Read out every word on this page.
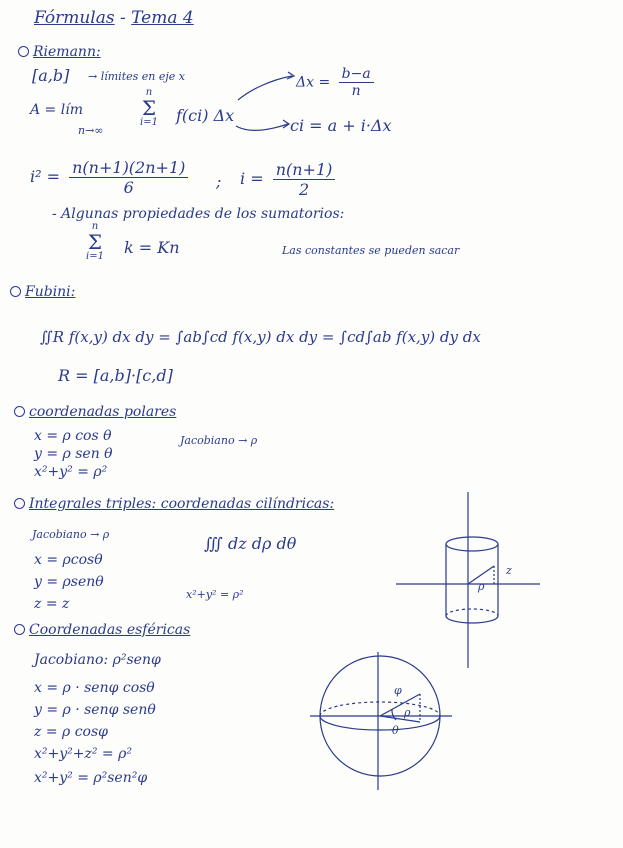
Fórmulas - Tema 4
Riemann:
[a,b] → límites en eje x	$\Delta x = \frac{b-a}{n}$
A = lím
n→∞
n
Σ
i=1 f(ci) Δx
ci = a + i·Δx
$i^2 = \frac{n(n+1)(2n+1)}{6}$ ; $i = \frac{n(n+1)}{2}$
- Algunas propiedades de los sumatorios:
n
Σ
i=1 k = Kn	Las constantes se pueden sacar
Fubini:
∬R f(x,y) dx dy = ∫ab∫cd f(x,y) dx dy = ∫cd∫ab f(x,y) dy dx
R = [a,b]·[c,d]
coordenadas polares
x = ρ cos θ
y = ρ sen θ
x²+y² = ρ²
Jacobiano → ρ
Integrales triples: coordenadas cilíndricas:
Jacobiano → ρ
x = ρcosθ
y = ρsenθ
z = z
∭ dz dρ dθ
x²+y² = ρ²
Coordenadas esféricas
Jacobiano: ρ²senφ
x = ρ · senφ cosθ
y = ρ · senφ senθ
z = ρ cosφ
x²+y²+z² = ρ²
x²+y² = ρ²sen²φ
z
ρ
φ
ρ
θ
